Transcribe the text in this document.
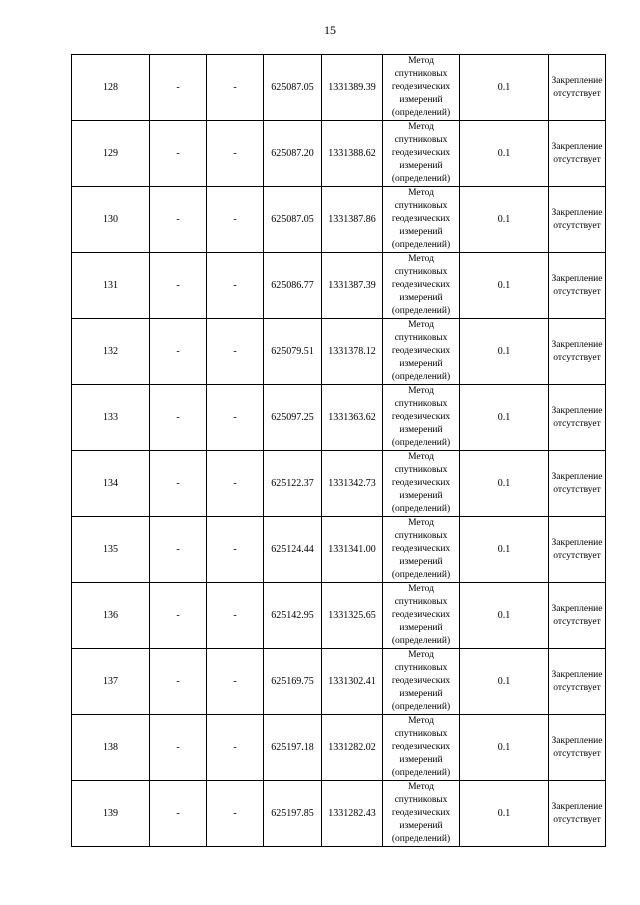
15
128	-	-	625087.05	1331389.39	Метод спутниковых геодезических измерений (определений)	0.1	Закрепление отсутствует
129	-	-	625087.20	1331388.62	Метод спутниковых геодезических измерений (определений)	0.1	Закрепление отсутствует
130	-	-	625087.05	1331387.86	Метод спутниковых геодезических измерений (определений)	0.1	Закрепление отсутствует
131	-	-	625086.77	1331387.39	Метод спутниковых геодезических измерений (определений)	0.1	Закрепление отсутствует
132	-	-	625079.51	1331378.12	Метод спутниковых геодезических измерений (определений)	0.1	Закрепление отсутствует
133	-	-	625097.25	1331363.62	Метод спутниковых геодезических измерений (определений)	0.1	Закрепление отсутствует
134	-	-	625122.37	1331342.73	Метод спутниковых геодезических измерений (определений)	0.1	Закрепление отсутствует
135	-	-	625124.44	1331341.00	Метод спутниковых геодезических измерений (определений)	0.1	Закрепление отсутствует
136	-	-	625142.95	1331325.65	Метод спутниковых геодезических измерений (определений)	0.1	Закрепление отсутствует
137	-	-	625169.75	1331302.41	Метод спутниковых геодезических измерений (определений)	0.1	Закрепление отсутствует
138	-	-	625197.18	1331282.02	Метод спутниковых геодезических измерений (определений)	0.1	Закрепление отсутствует
139	-	-	625197.85	1331282.43	Метод спутниковых геодезических измерений (определений)	0.1	Закрепление отсутствует
